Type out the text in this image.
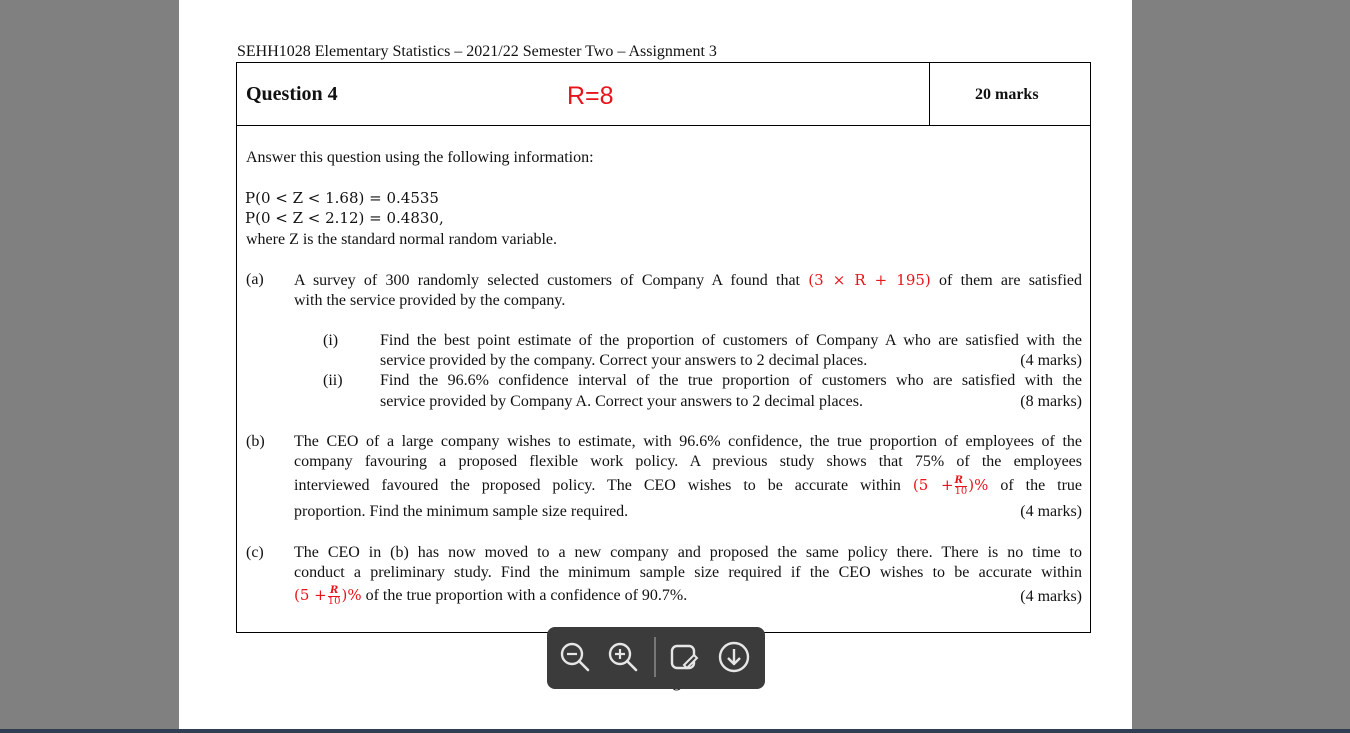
SEHH1028 Elementary Statistics – 2021/22 Semester Two – Assignment 3
Question 4	R=8	20 marks
Answer this question using the following information:
P(0 < Z < 1.68) = 0.4535
P(0 < Z < 2.12) = 0.4830,
where Z is the standard normal random variable.
(a) A survey of 300 randomly selected customers of Company A found that (3 × R + 195) of them are satisfied
with the service provided by the company.
(i)	Find the best point estimate of the proportion of customers of Company A who are satisfied with the
service provided by the company. Correct your answers to 2 decimal places.	(4 marks)
(ii) Find the 96.6% confidence interval of the true proportion of customers who are satisfied with the
service provided by Company A. Correct your answers to 2 decimal places.	(8 marks)
(b) The CEO of a large company wishes to estimate, with 96.6% confidence, the true proportion of employees of the
company favouring a proposed flexible work policy. A previous study shows that 75% of the employees
interviewed favoured the proposed policy. The CEO wishes to be accurate within ($5 + \frac{R}{10}$ )% of the true
proportion. Find the minimum sample size required.	(4 marks)
(c) The CEO in (b) has now moved to a new company and proposed the same policy there. There is no time to
conduct a preliminary study. Find the minimum sample size required if the CEO wishes to be accurate within
($5 + \frac{R}{10}$ )% of the true proportion with a confidence of 90.7%.	(4 marks)
